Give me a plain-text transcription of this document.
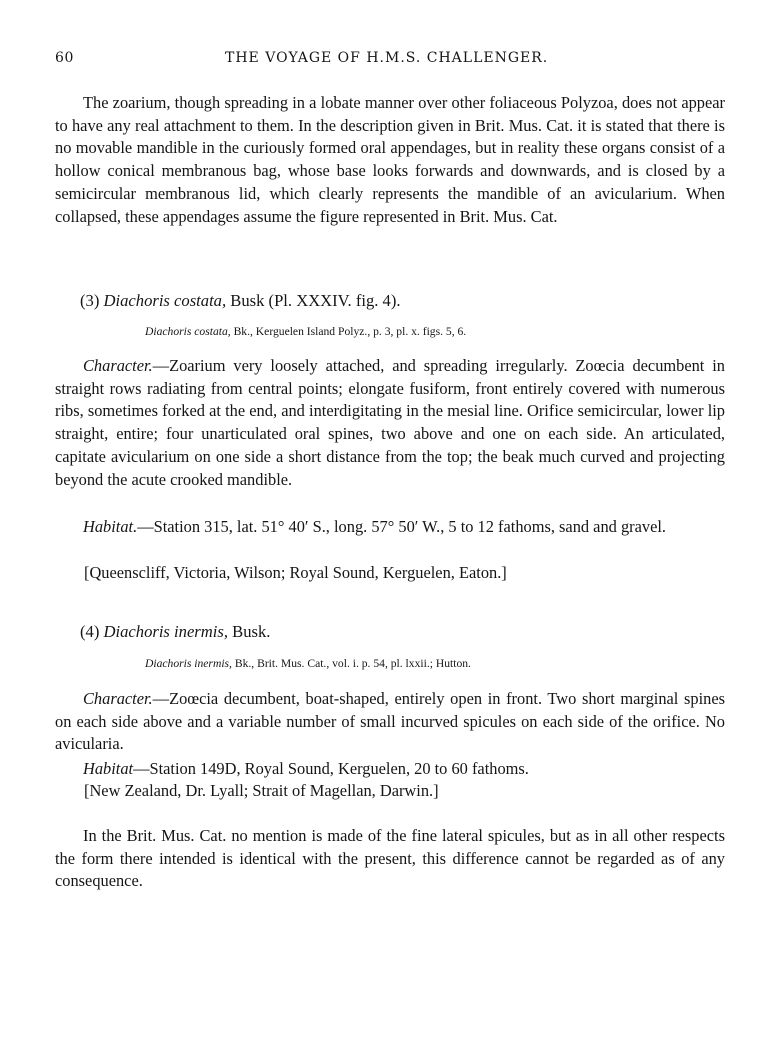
60	THE VOYAGE OF H.M.S. CHALLENGER.
The zoarium, though spreading in a lobate manner over other foliaceous Polyzoa, does not appear to have any real attachment to them. In the description given in Brit. Mus. Cat. it is stated that there is no movable mandible in the curiously formed oral appendages, but in reality these organs consist of a hollow conical membranous bag, whose base looks forwards and downwards, and is closed by a semicircular membranous lid, which clearly represents the mandible of an avicularium. When collapsed, these appendages assume the figure represented in Brit. Mus. Cat.
(3) Diachoris costata, Busk (Pl. XXXIV. fig. 4).
Diachoris costata, Bk., Kerguelen Island Polyz., p. 3, pl. x. figs. 5, 6.

Character.—Zoarium very loosely attached, and spreading irregularly. Zoœcia decumbent in straight rows radiating from central points; elongate fusiform, front entirely covered with numerous ribs, sometimes forked at the end, and interdigitating in the mesial line. Orifice semicircular, lower lip straight, entire; four unarticulated oral spines, two above and one on each side. An articulated, capitate avicularium on one side a short distance from the top; the beak much curved and projecting beyond the acute crooked mandible.

Habitat.—Station 315, lat. 51° 40′ S., long. 57° 50′ W., 5 to 12 fathoms, sand and gravel.

[Queenscliff, Victoria, Wilson; Royal Sound, Kerguelen, Eaton.]
(4) Diachoris inermis, Busk.
Diachoris inermis, Bk., Brit. Mus. Cat., vol. i. p. 54, pl. lxxii.; Hutton.

Character.—Zoœcia decumbent, boat-shaped, entirely open in front. Two short marginal spines on each side above and a variable number of small incurved spicules on each side of the orifice. No avicularia.

Habitat—Station 149D, Royal Sound, Kerguelen, 20 to 60 fathoms.

[New Zealand, Dr. Lyall; Strait of Magellan, Darwin.]
In the Brit. Mus. Cat. no mention is made of the fine lateral spicules, but as in all other respects the form there intended is identical with the present, this difference cannot be regarded as of any consequence.
